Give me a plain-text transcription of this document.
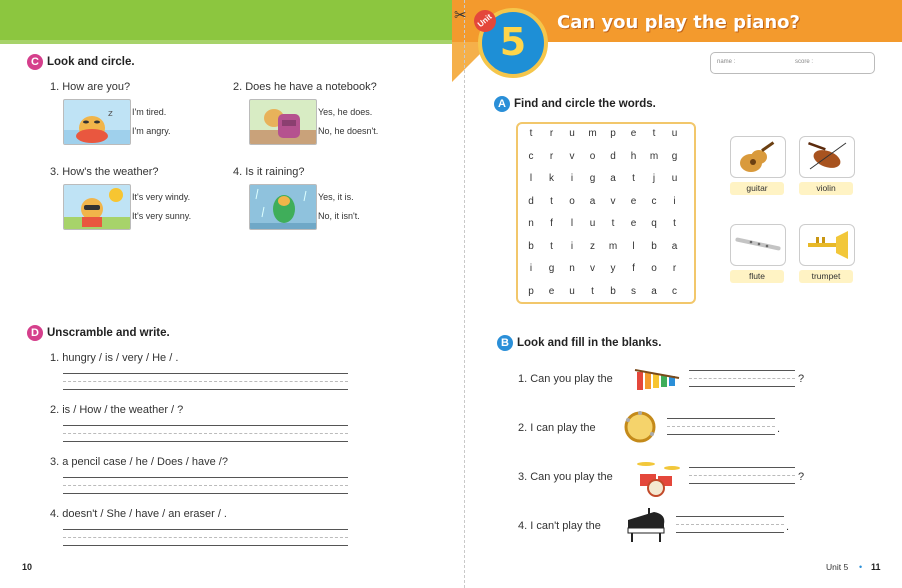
✂
5
Unit	Can you play the piano?
name :	score :
C Look and circle.
1. How are you?
z I'm tired.
I'm angry.
2. Does he have a notebook?
Yes, he does.
No, he doesn't.
3. How's the weather?
It's very windy.
It's very sunny.
4. Is it raining?
Yes, it is.
No, it isn't.
D Unscramble and write.
1. hungry / is / very / He / .
2. is / How / the weather / ?
3. a pencil case / he / Does / have /?
4. doesn't / She / have / an eraser / .
10
A Find and circle the words.
t	r	u	m	p	e	t	u
c	r	v	o	d	h	m	g
l	k	i	g	a	t	j	u
d	t	o	a	v	e	c	i
n	f	l	u	t	e	q	t
b	t	i	z	m	l	b	a
i	g	n	v	y	f	o	r
p	e	u	t	b	s	a	c
guitar	violin
flute	trumpet
B Look and fill in the blanks.
1. Can you play the	?
2. I can play the	.
3. Can you play the	?
4. I can't play the	.
Unit 5 • 11
